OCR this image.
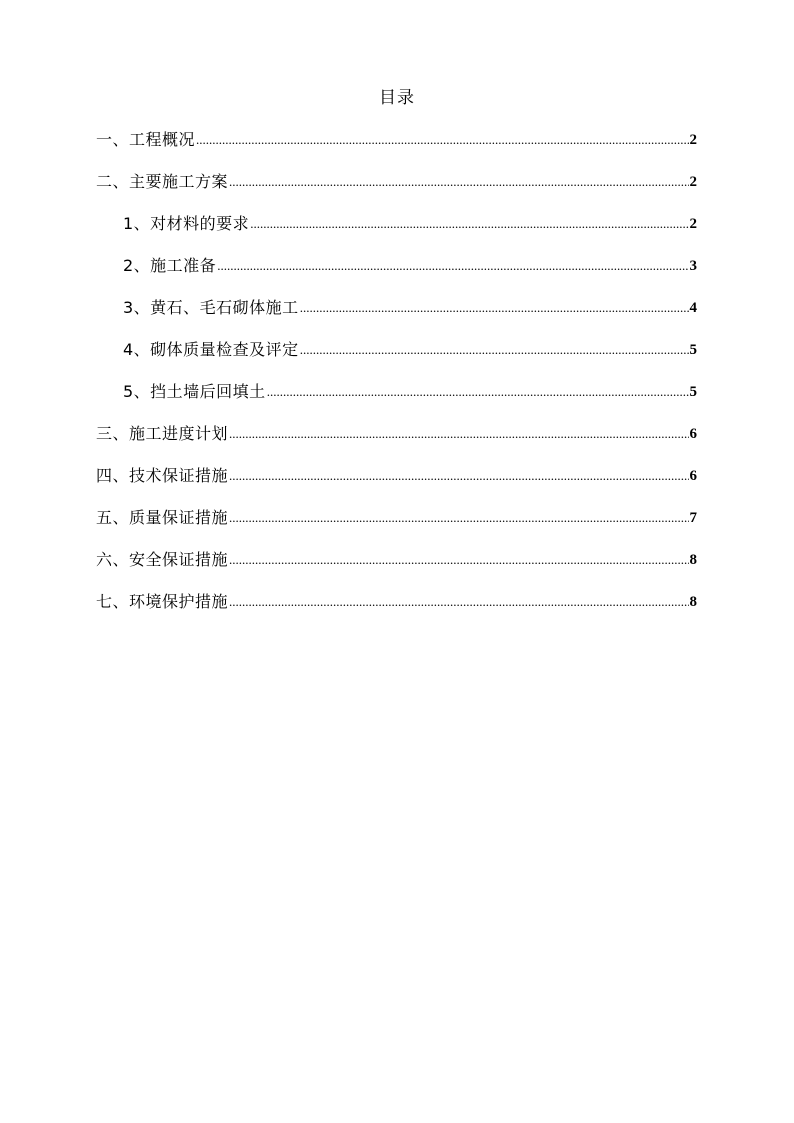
目录
一、工程概况 .....	2
二、主要施工方案 .....	2
1、对材料的要求 .....	2
2、施工准备 .....	3
3、黄石、毛石砌体施工 .....	4
4、砌体质量检查及评定 .....	5
5、挡土墙后回填土 .....	5
三、施工进度计划 .....	6
四、技术保证措施 .....	6
五、质量保证措施 .....	7
六、安全保证措施 .....	8
七、环境保护措施 .....	8
